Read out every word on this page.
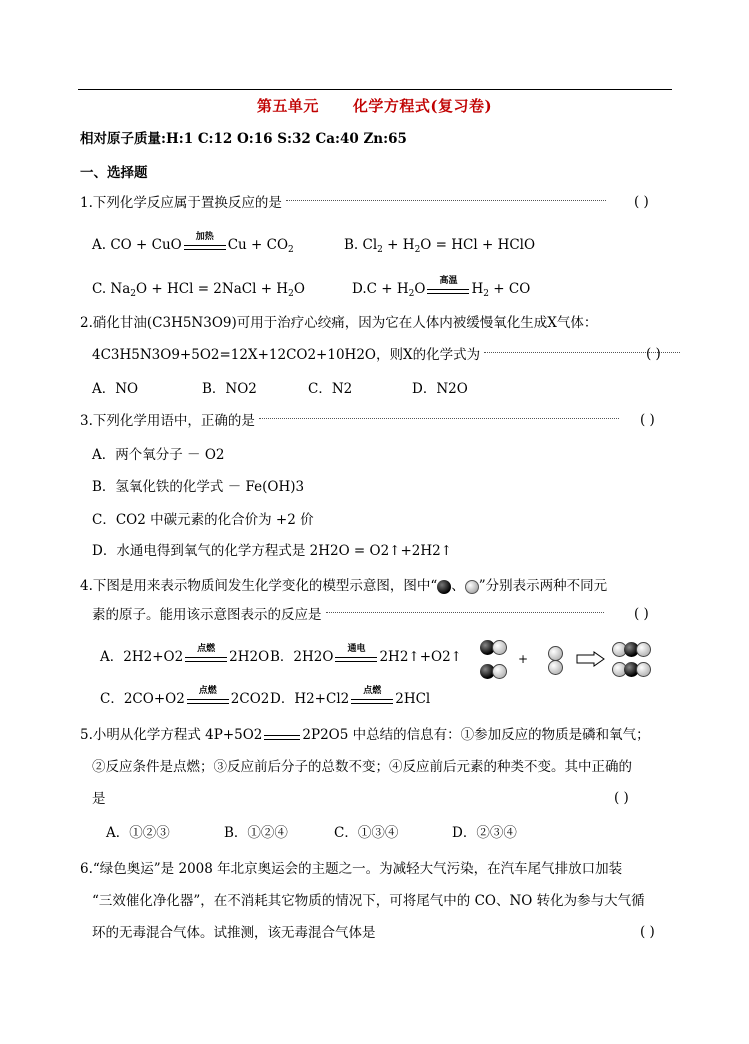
第五单元 化学方程式(复习卷)
相对原子质量:H:1 C:12 O:16 S:32 Ca:40 Zn:65
一、选择题
1.下列化学反应属于置换反应的是	( )
A. CO + CuO
加热
$Cu + CO_2$	B. $Cl_2 + H_2O$ = HCl + HClO
C. $Na_2O$ + HCl = 2NaCl + $H_2O$	$D.C + H_2O$
高温
$H_2$ + CO
2.硝化甘油(C3H5N3O9)可用于治疗心绞痛，因为它在人体内被缓慢氧化生成X气体：
4C3H5N3O9+5O2=12X+12CO2+10H2O，则X的化学式为	( )
A．NO	B．NO2	C．N2	D．N2O
3.下列化学用语中，正确的是	( )
A．两个氧分子 － O2
B．氢氧化铁的化学式 － Fe(OH)3
C．CO2 中碳元素的化合价为 +2 价
D．水通电得到氧气的化学方程式是 2H2O = O2↑+2H2↑
4.下图是用来表示物质间发生化学变化的模型示意图，图中“ 、 ”分别表示两种不同元
素的原子。能用该示意图表示的反应是	( )
A．2H2+O2
点燃
2H2O B．2H2O
通电
2H2↑+O2↑
C．2CO+O2
点燃
2CO2 D．H2+Cl2
点燃
2HCl
+
5.小明从化学方程式 4P+5O2	2P2O5 中总结的信息有：①参加反应的物质是磷和氧气；
②反应条件是点燃；③反应前后分子的总数不变；④反应前后元素的种类不变。其中正确的
是	( )
A．①②③	B．①②④	C．①③④	D．②③④
6.“绿色奥运”是 2008 年北京奥运会的主题之一。为减轻大气污染，在汽车尾气排放口加装
“三效催化净化器”，在不消耗其它物质的情况下，可将尾气中的 CO、NO 转化为参与大气循
环的无毒混合气体。试推测，该无毒混合气体是	( )
